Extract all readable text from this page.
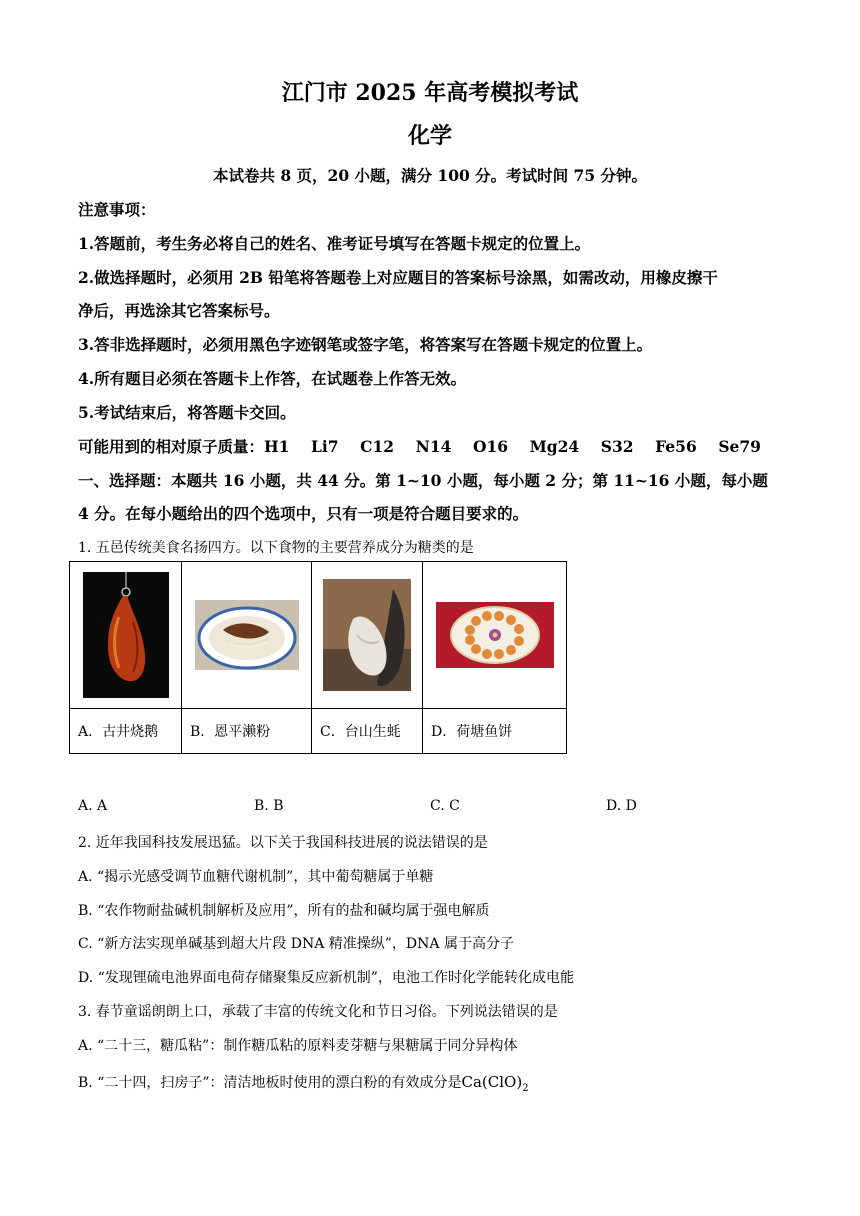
江门市 2025 年高考模拟考试
化学
本试卷共 8 页，20 小题，满分 100 分。考试时间 75 分钟。
注意事项：
1.答题前，考生务必将自己的姓名、准考证号填写在答题卡规定的位置上。
2.做选择题时，必须用 2B 铅笔将答题卷上对应题目的答案标号涂黑，如需改动，用橡皮擦干
净后，再选涂其它答案标号。
3.答非选择题时，必须用黑色字迹钢笔或签字笔，将答案写在答题卡规定的位置上。
4.所有题目必须在答题卡上作答，在试题卷上作答无效。
5.考试结束后，将答题卡交回。
可能用到的相对原子质量：H1    Li7    C12    N14    O16    Mg24    S32    Fe56    Se79
一、选择题：本题共 16 小题，共 44 分。第 1~10 小题，每小题 2 分；第 11~16 小题，每小题
4 分。在每小题给出的四个选项中，只有一项是符合题目要求的。
1. 五邑传统美食名扬四方。以下食物的主要营养成分为糖类的是

A．古井烧鹅	B．恩平濑粉	C．台山生蚝	D．荷塘鱼饼
A. A	B. B	C. C	D. D
2. 近年我国科技发展迅猛。以下关于我国科技进展的说法错误的是
A. “揭示光感受调节血糖代谢机制”，其中葡萄糖属于单糖
B. “农作物耐盐碱机制解析及应用”，所有的盐和碱均属于强电解质
C. “新方法实现单碱基到超大片段 DNA 精准操纵”，DNA 属于高分子
D. “发现锂硫电池界面电荷存储聚集反应新机制”，电池工作时化学能转化成电能
3. 春节童谣朗朗上口，承载了丰富的传统文化和节日习俗。下列说法错误的是
A. “二十三，糖瓜粘”：制作糖瓜粘的原料麦芽糖与果糖属于同分异构体
B. “二十四，扫房子”：清洁地板时使用的漂白粉的有效成分是$Ca(ClO)_2$
